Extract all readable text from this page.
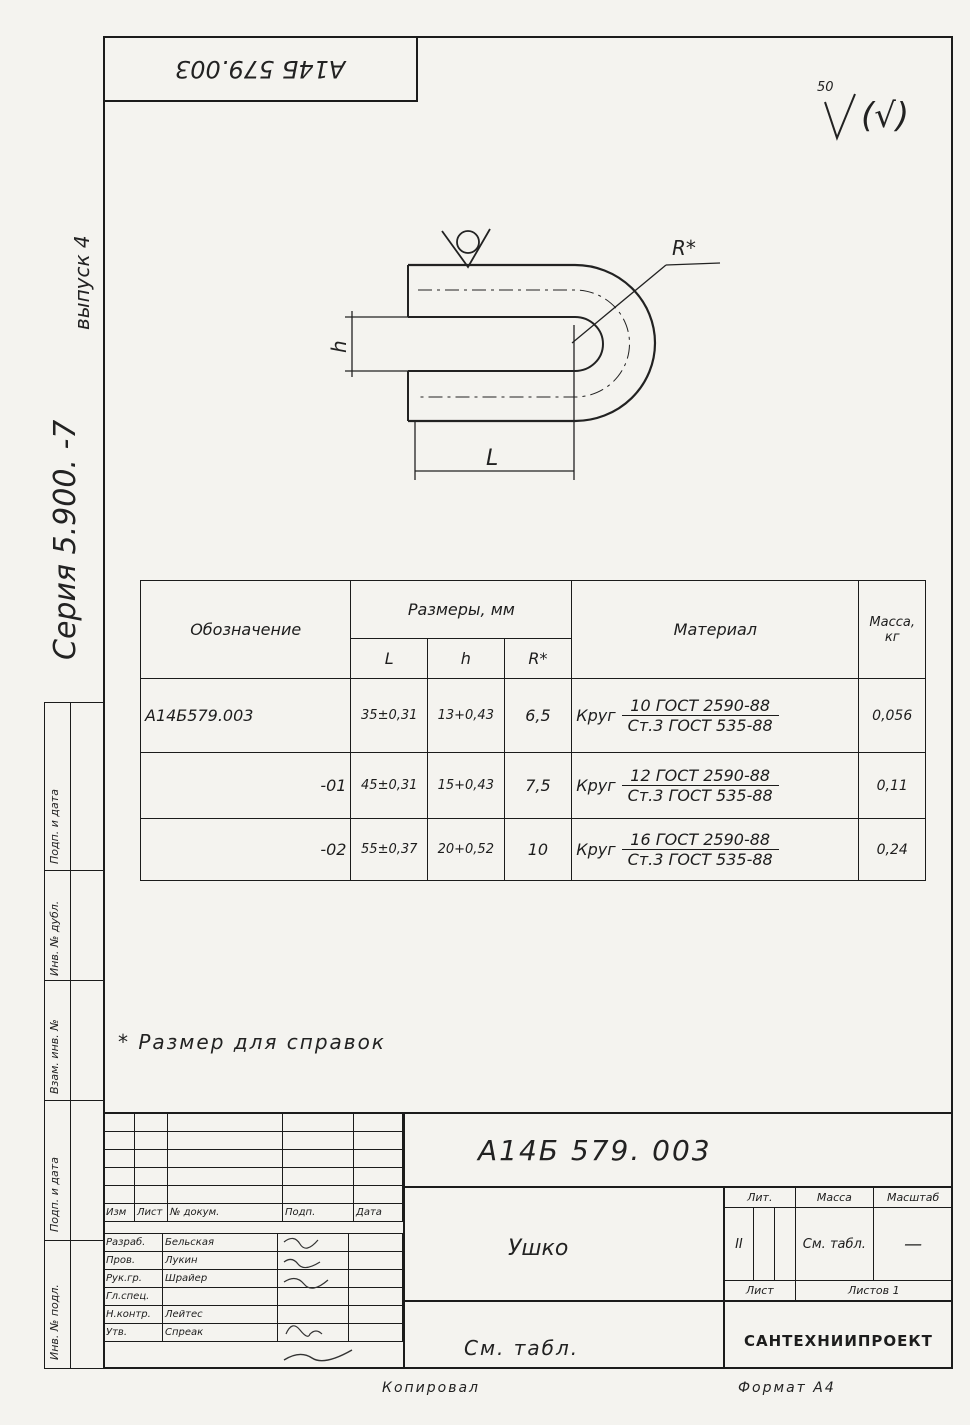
А14Б 579.003
50
(√)
Серия 5.900. -7
выпуск 4	R*
h
L
Обозначение	Размеры, мм			Материал	Масса, кг
	L	h	R*		
А14Б579.003	35±0,31	13+0,43	6,5	Круг $\frac{\text{10 ГОСТ 2590-88}}{\text{Ст.3 ГОСТ 535-88}}$	0,056
-01	45±0,31	15+0,43	7,5	Круг $\frac{\text{12 ГОСТ 2590-88}}{\text{Ст.3 ГОСТ 535-88}}$	0,11
-02	55±0,37	20+0,52	10	Круг $\frac{\text{16 ГОСТ 2590-88}}{\text{Ст.3 ГОСТ 535-88}}$	0,24
* Размер для справок
Инв. № подл.
Подп. и дата
Взам. инв. №
Инв. № дубл.
Подп. и дата

Изм	Лист	№ докум.	Подп.	Дата
Разраб.	Бельская		
Пров.	Лукин		
Рук.гр.	Шрайер		
Гл.спец.			
Н.контр.	Лейтес		
Утв.	Спреак		
А14Б 579. 003
Ушко
См. табл.
Лит.			Масса	Масштаб
II			См. табл.	—
Лист			Листов 1	
САНТЕХНИИПРОЕКТ
Копировал	Формат А4
